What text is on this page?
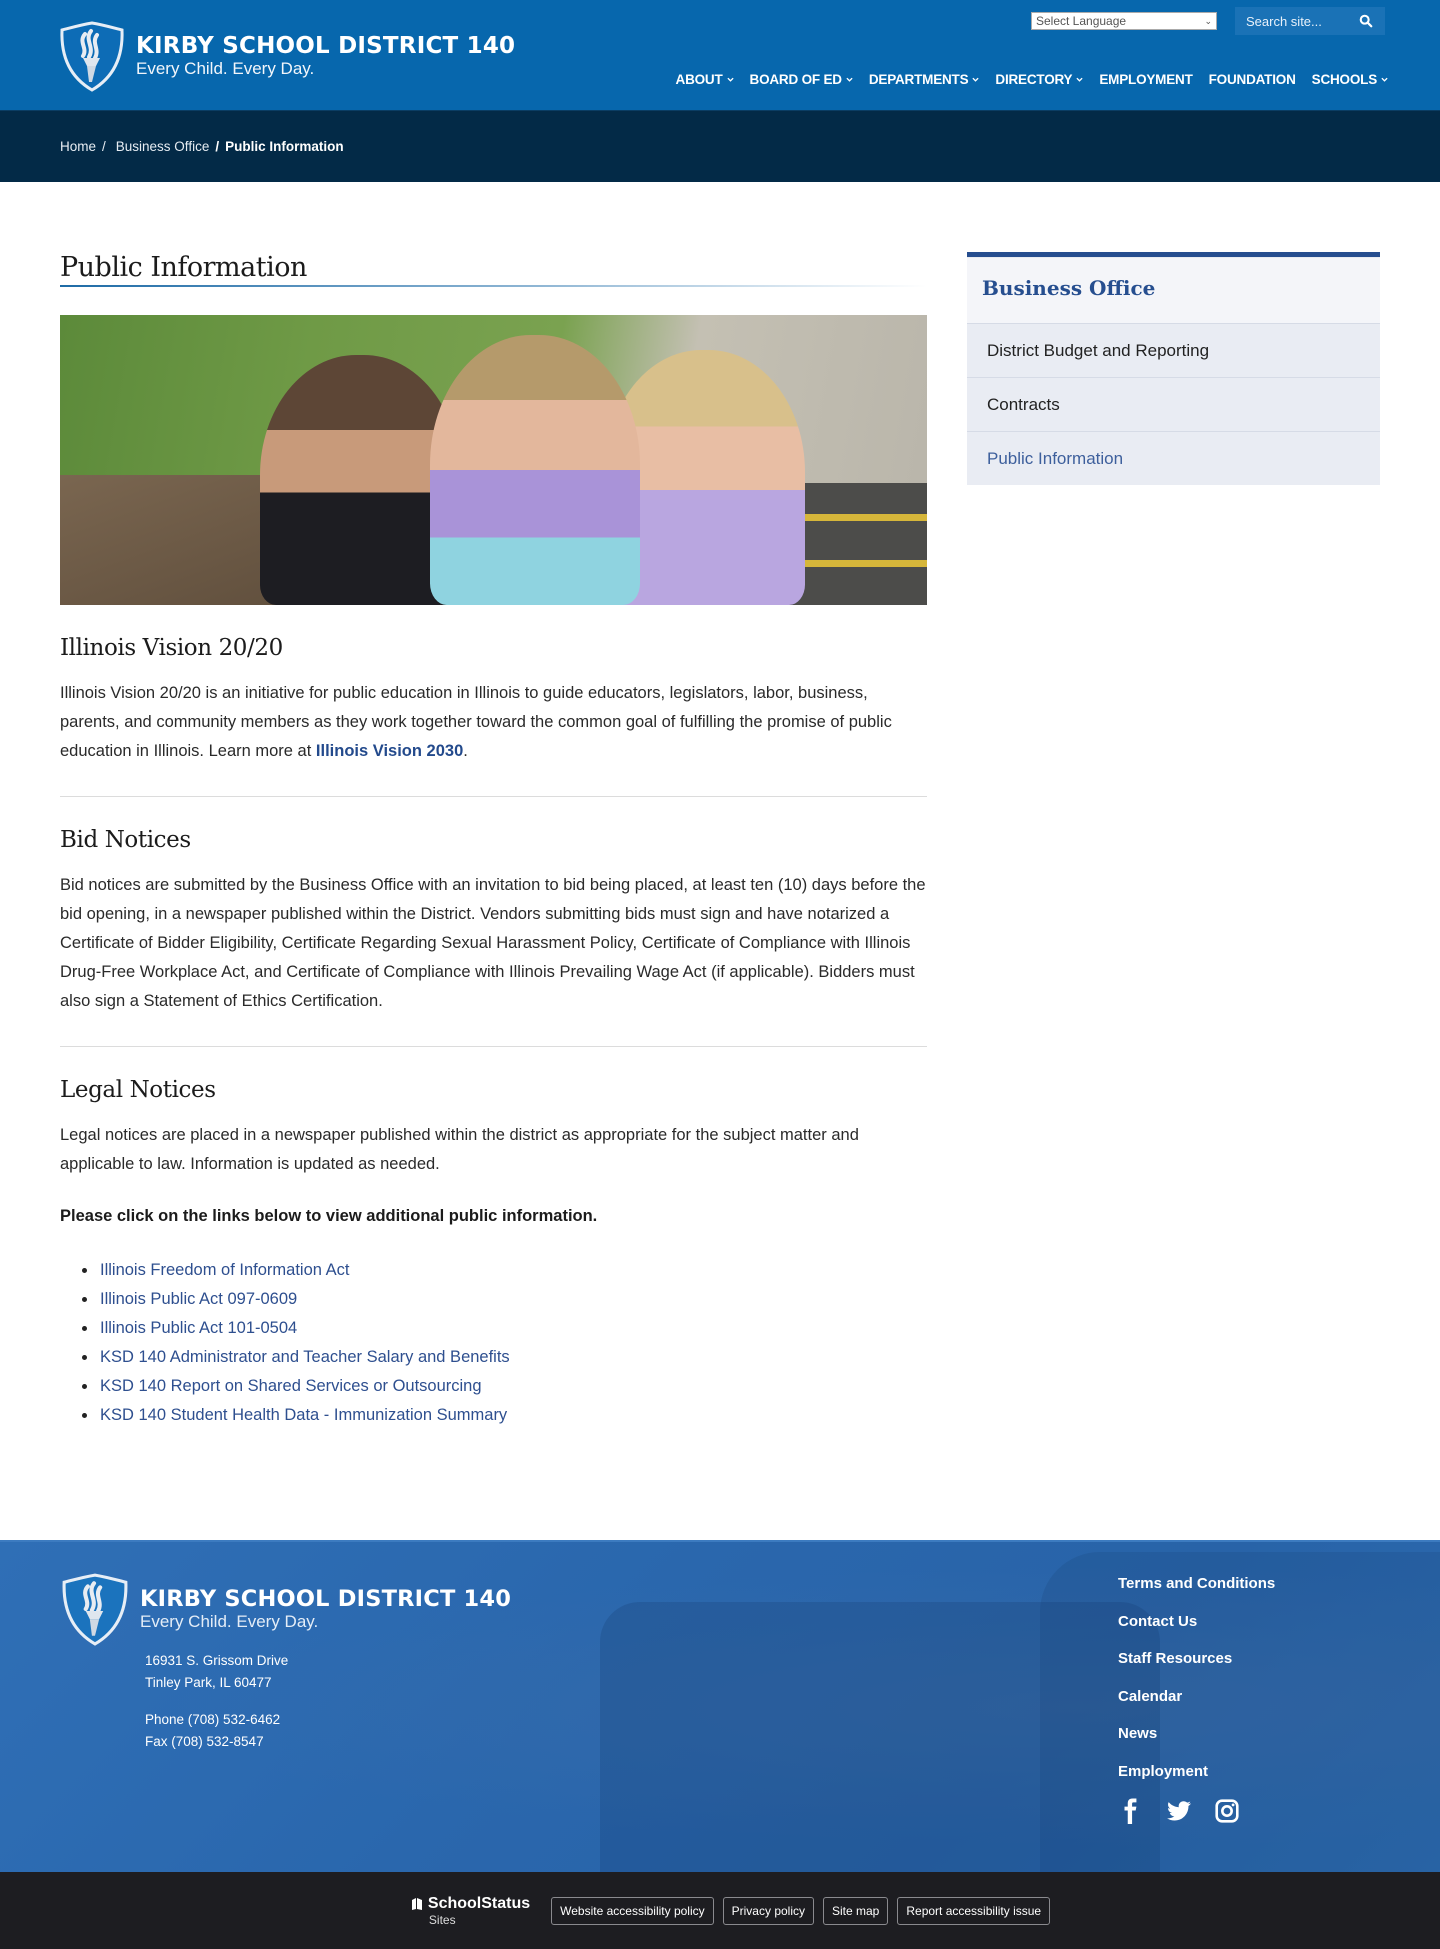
KIRBY SCHOOL DISTRICT 140
Every Child. Every Day.
Select Language	⌄	Search site...
ABOUT BOARD OF ED DEPARTMENTS DIRECTORY EMPLOYMENT FOUNDATION SCHOOLS
Home / Business Office / Public Information
Public Information
Illinois Vision 20/20

Illinois Vision 20/20 is an initiative for public education in Illinois to guide educators, legislators, labor, business, parents, and community members as they work together toward the common goal of fulfilling the promise of public education in Illinois. Learn more at Illinois Vision 2030.

Bid Notices

Bid notices are submitted by the Business Office with an invitation to bid being placed, at least ten (10) days before the bid opening, in a newspaper published within the District. Vendors submitting bids must sign and have notarized a Certificate of Bidder Eligibility, Certificate Regarding Sexual Harassment Policy, Certificate of Compliance with Illinois Drug-Free Workplace Act, and Certificate of Compliance with Illinois Prevailing Wage Act (if applicable). Bidders must also sign a Statement of Ethics Certification.

Legal Notices

Legal notices are placed in a newspaper published within the district as appropriate for the subject matter and applicable to law. Information is updated as needed.

Please click on the links below to view additional public information.

Illinois Freedom of Information Act
Illinois Public Act 097-0609
Illinois Public Act 101-0504
KSD 140 Administrator and Teacher Salary and Benefits
KSD 140 Report on Shared Services or Outsourcing
KSD 140 Student Health Data - Immunization Summary
Business Office
District Budget and Reporting
Contracts
Public Information
KIRBY SCHOOL DISTRICT 140
Every Child. Every Day.
16931 S. Grissom Drive
Tinley Park, IL 60477
Phone (708) 532-6462
Fax (708) 532-8547
Terms and Conditions
Contact Us
Staff Resources
Calendar
News
Employment
SchoolStatus
Sites
Website accessibility policy	Privacy policy	Site map	Report accessibility issue
